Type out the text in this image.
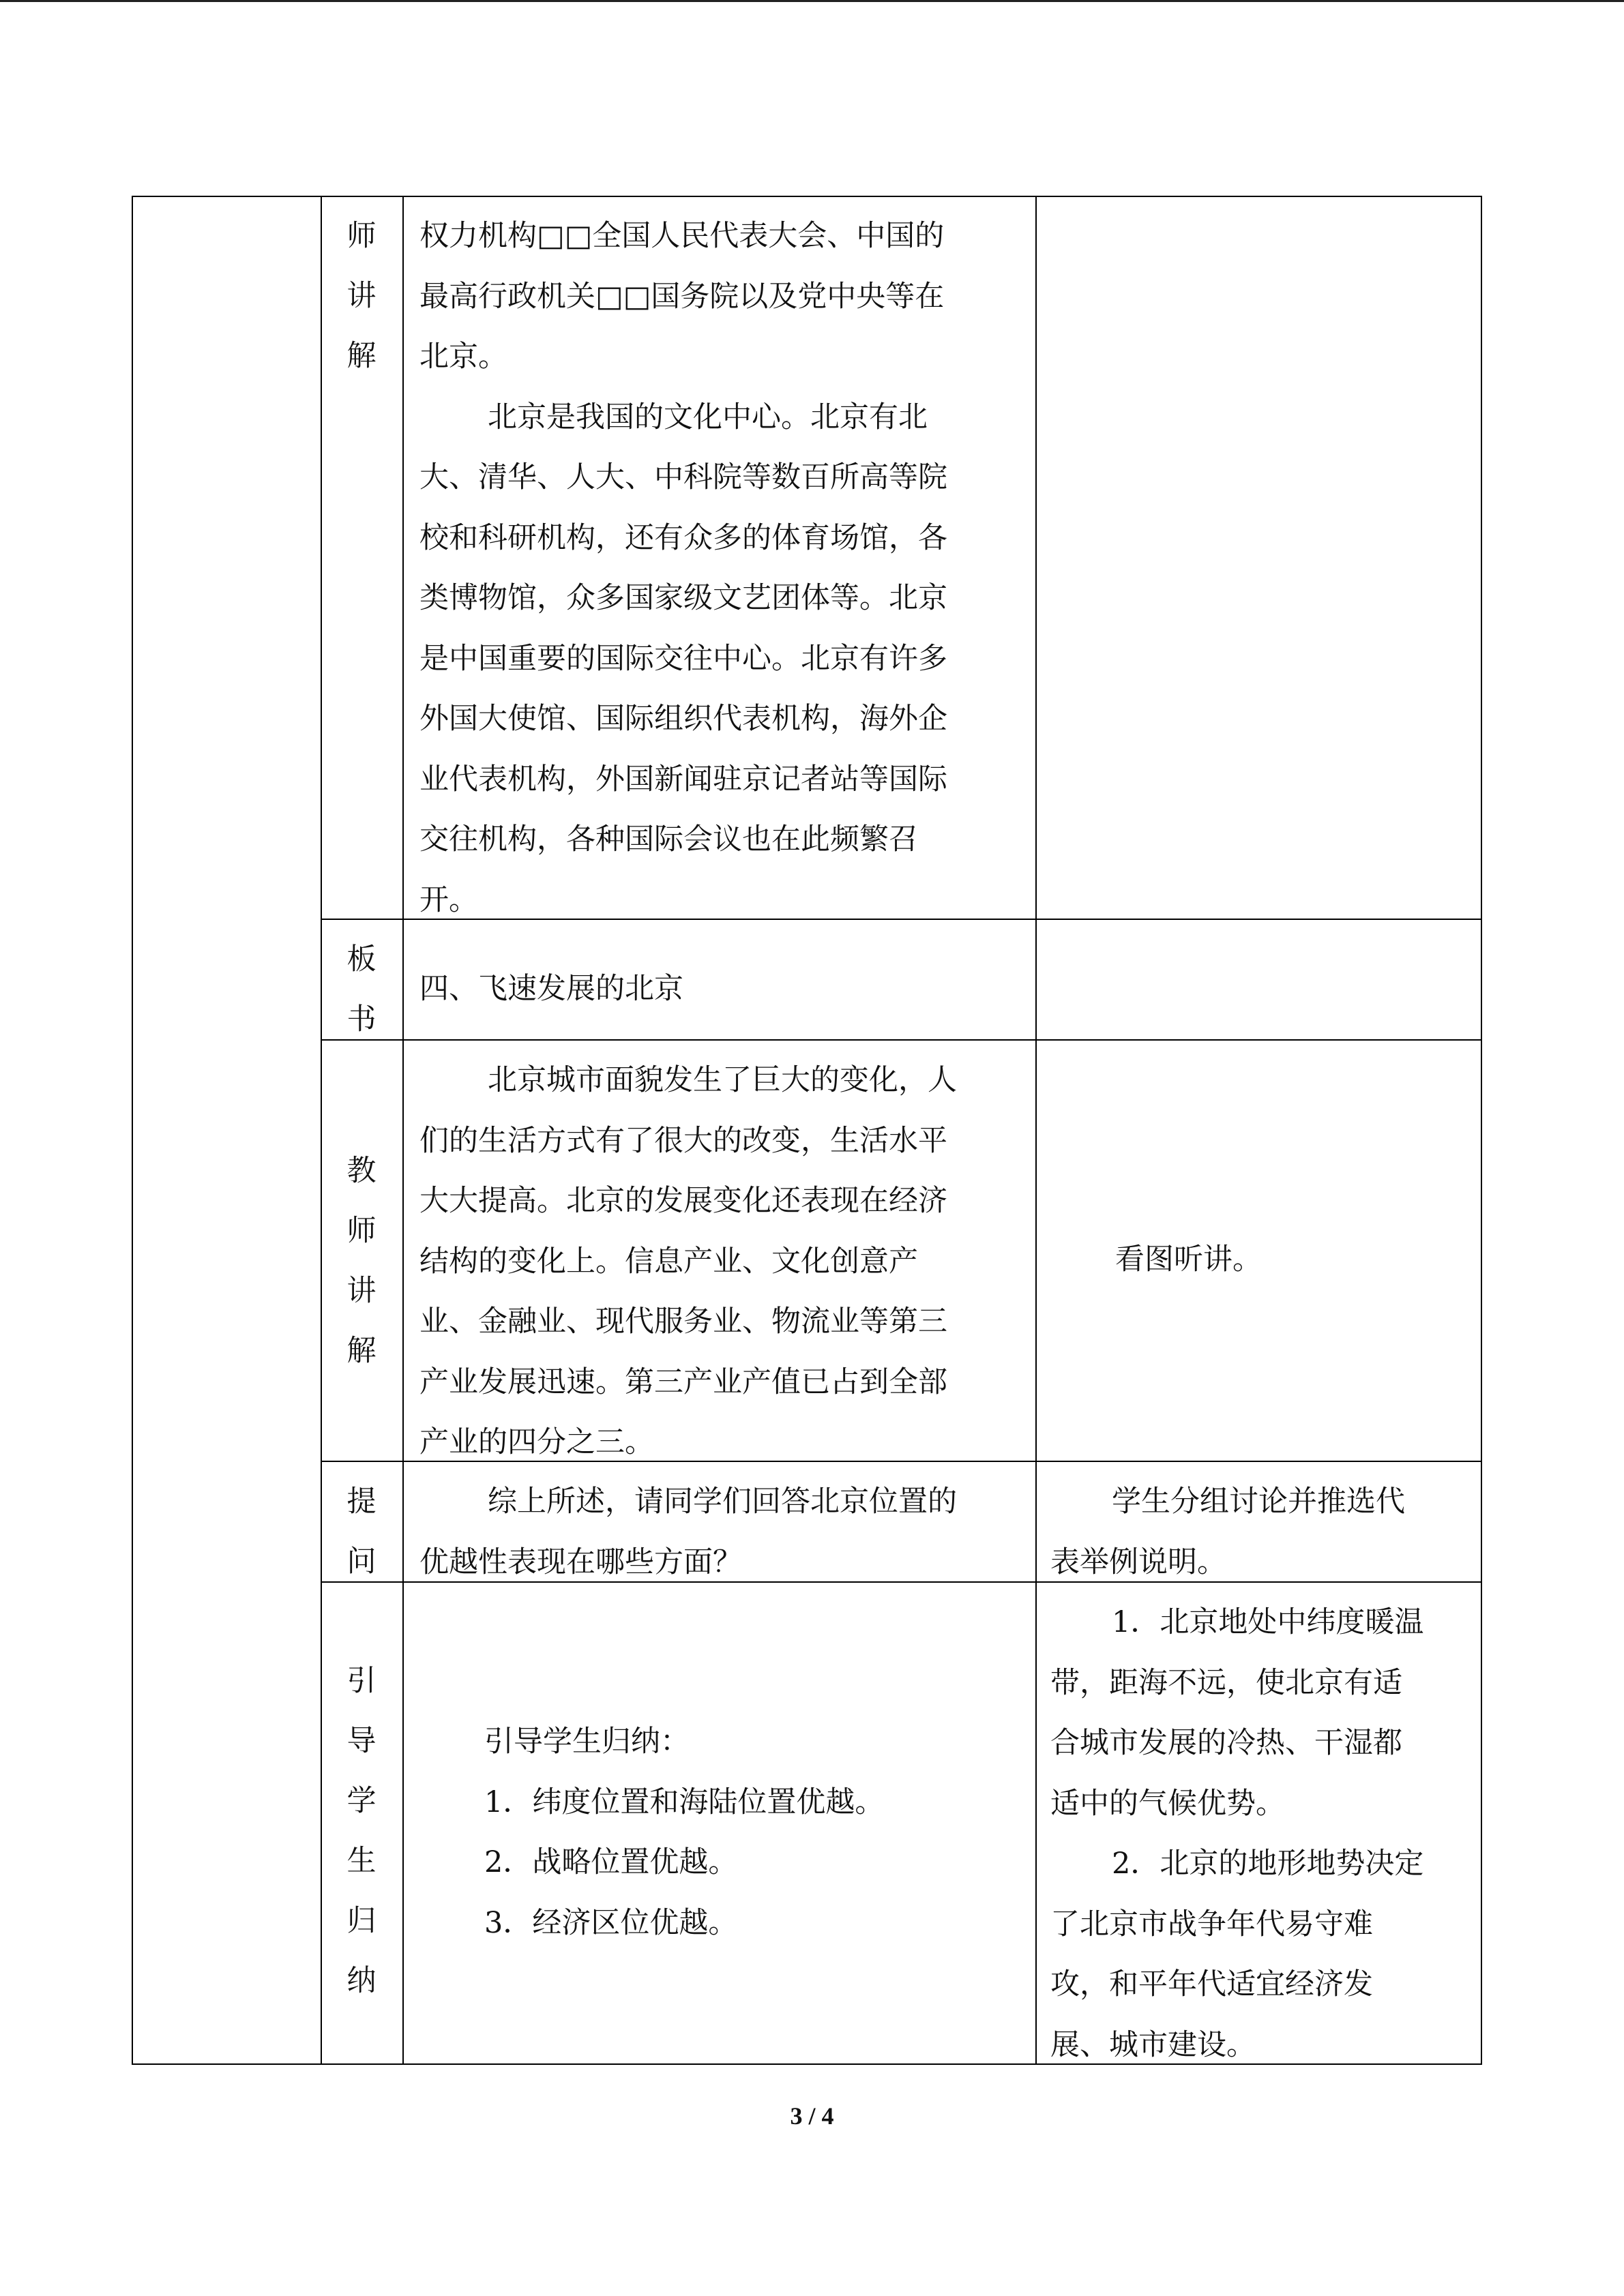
师
讲
解
权力机构□□全国人民代表大会、中国的
最高行政机关□□国务院以及党中央等在
北京。
北京是我国的文化中心。北京有北
大、清华、人大、中科院等数百所高等院
校和科研机构，还有众多的体育场馆，各
类博物馆，众多国家级文艺团体等。北京
是中国重要的国际交往中心。北京有许多
外国大使馆、国际组织代表机构，海外企
业代表机构，外国新闻驻京记者站等国际
交往机构，各种国际会议也在此频繁召
开。
板
书
四、飞速发展的北京
教
师
讲
解
北京城市面貌发生了巨大的变化，人
们的生活方式有了很大的改变，生活水平
大大提高。北京的发展变化还表现在经济
结构的变化上。信息产业、文化创意产
业、金融业、现代服务业、物流业等第三
产业发展迅速。第三产业产值已占到全部
产业的四分之三。
看图听讲。
提
问
综上所述，请同学们回答北京位置的
优越性表现在哪些方面？
学生分组讨论并推选代
表举例说明。
引
导
学
生
归
纳
引导学生归纳：
1．纬度位置和海陆位置优越。
2．战略位置优越。
3．经济区位优越。
1．北京地处中纬度暖温
带，距海不远，使北京有适
合城市发展的冷热、干湿都
适中的气候优势。
2．北京的地形地势决定
了北京市战争年代易守难
攻，和平年代适宜经济发
展、城市建设。
3 / 4
